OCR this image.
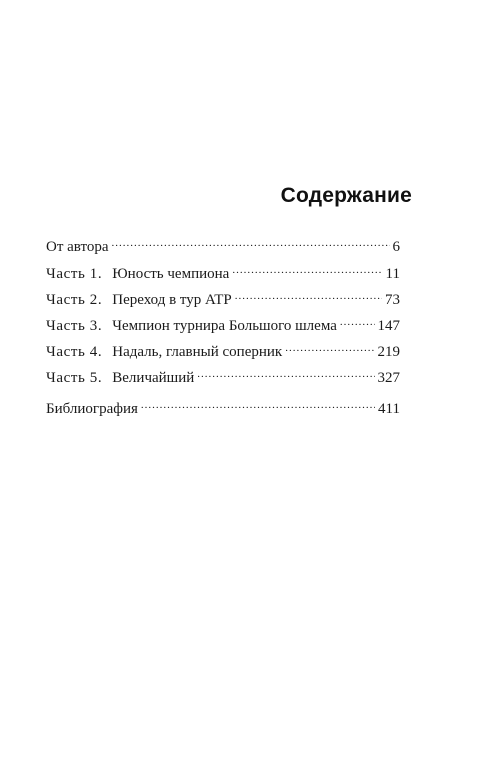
Содержание
От автора .....	6
Часть 1. Юность чемпиона .....	11
Часть 2. Переход в тур ATP .....	73
Часть 3. Чемпион турнира Большого шлема .....	147
Часть 4. Надаль, главный соперник .....	219
Часть 5. Величайший .....	327
Библиография .....	411
